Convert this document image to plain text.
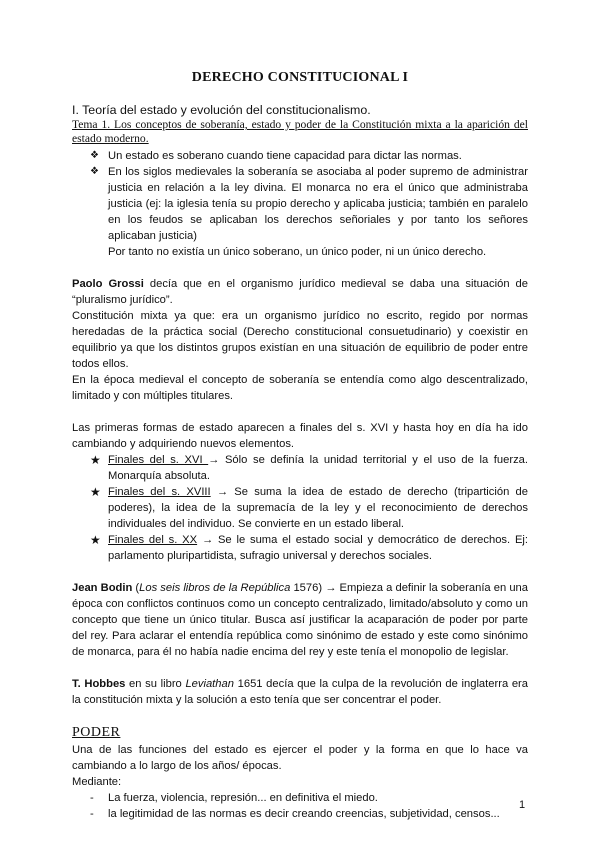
DERECHO CONSTITUCIONAL I

I. Teoría del estado y evolución del constitucionalismo.

Tema 1. Los conceptos de soberanía, estado y poder de la Constitución mixta a la aparición del estado moderno.

❖ Un estado es soberano cuando tiene capacidad para dictar las normas.
❖ En los siglos medievales la soberanía se asociaba al poder supremo de administrar justicia en relación a la ley divina. El monarca no era el único que administraba justicia (ej: la iglesia tenía su propio derecho y aplicaba justicia; también en paralelo en los feudos se aplicaban los derechos señoriales y por tanto los señores aplicaban justicia)
Por tanto no existía un único soberano, un único poder, ni un único derecho.

Paolo Grossi decía que en el organismo jurídico medieval se daba una situación de “pluralismo jurídico”.

Constitución mixta ya que: era un organismo jurídico no escrito, regido por normas heredadas de la práctica social (Derecho constitucional consuetudinario) y coexistir en equilibrio ya que los distintos grupos existían en una situación de equilibrio de poder entre todos ellos.

En la época medieval el concepto de soberanía se entendía como algo descentralizado, limitado y con múltiples titulares.

Las primeras formas de estado aparecen a finales del s. XVI y hasta hoy en día ha ido cambiando y adquiriendo nuevos elementos.

★ Finales del s. XVI → Sólo se definía la unidad territorial y el uso de la fuerza. Monarquía absoluta.
★ Finales del s. XVIII → Se suma la idea de estado de derecho (tripartición de poderes), la idea de la supremacía de la ley y el reconocimiento de derechos individuales del individuo. Se convierte en un estado liberal.
★ Finales del s. XX → Se le suma el estado social y democrático de derechos. Ej: parlamento pluripartidista, sufragio universal y derechos sociales.

Jean Bodin (Los seis libros de la República 1576) → Empieza a definir la soberanía en una época con conflictos continuos como un concepto centralizado, limitado/absoluto y como un concepto que tiene un único titular. Busca así justificar la acaparación de poder por parte del rey. Para aclarar el entendía república como sinónimo de estado y este como sinónimo de monarca, para él no había nadie encima del rey y este tenía el monopolio de legislar.

T. Hobbes en su libro Leviathan 1651 decía que la culpa de la revolución de inglaterra era la constitución mixta y la solución a esto tenía que ser concentrar el poder.

PODER

Una de las funciones del estado es ejercer el poder y la forma en que lo hace va cambiando a lo largo de los años/ épocas.

Mediante:

- La fuerza, violencia, represión... en definitiva el miedo.
- la legitimidad de las normas es decir creando creencias, subjetividad, censos...
1
